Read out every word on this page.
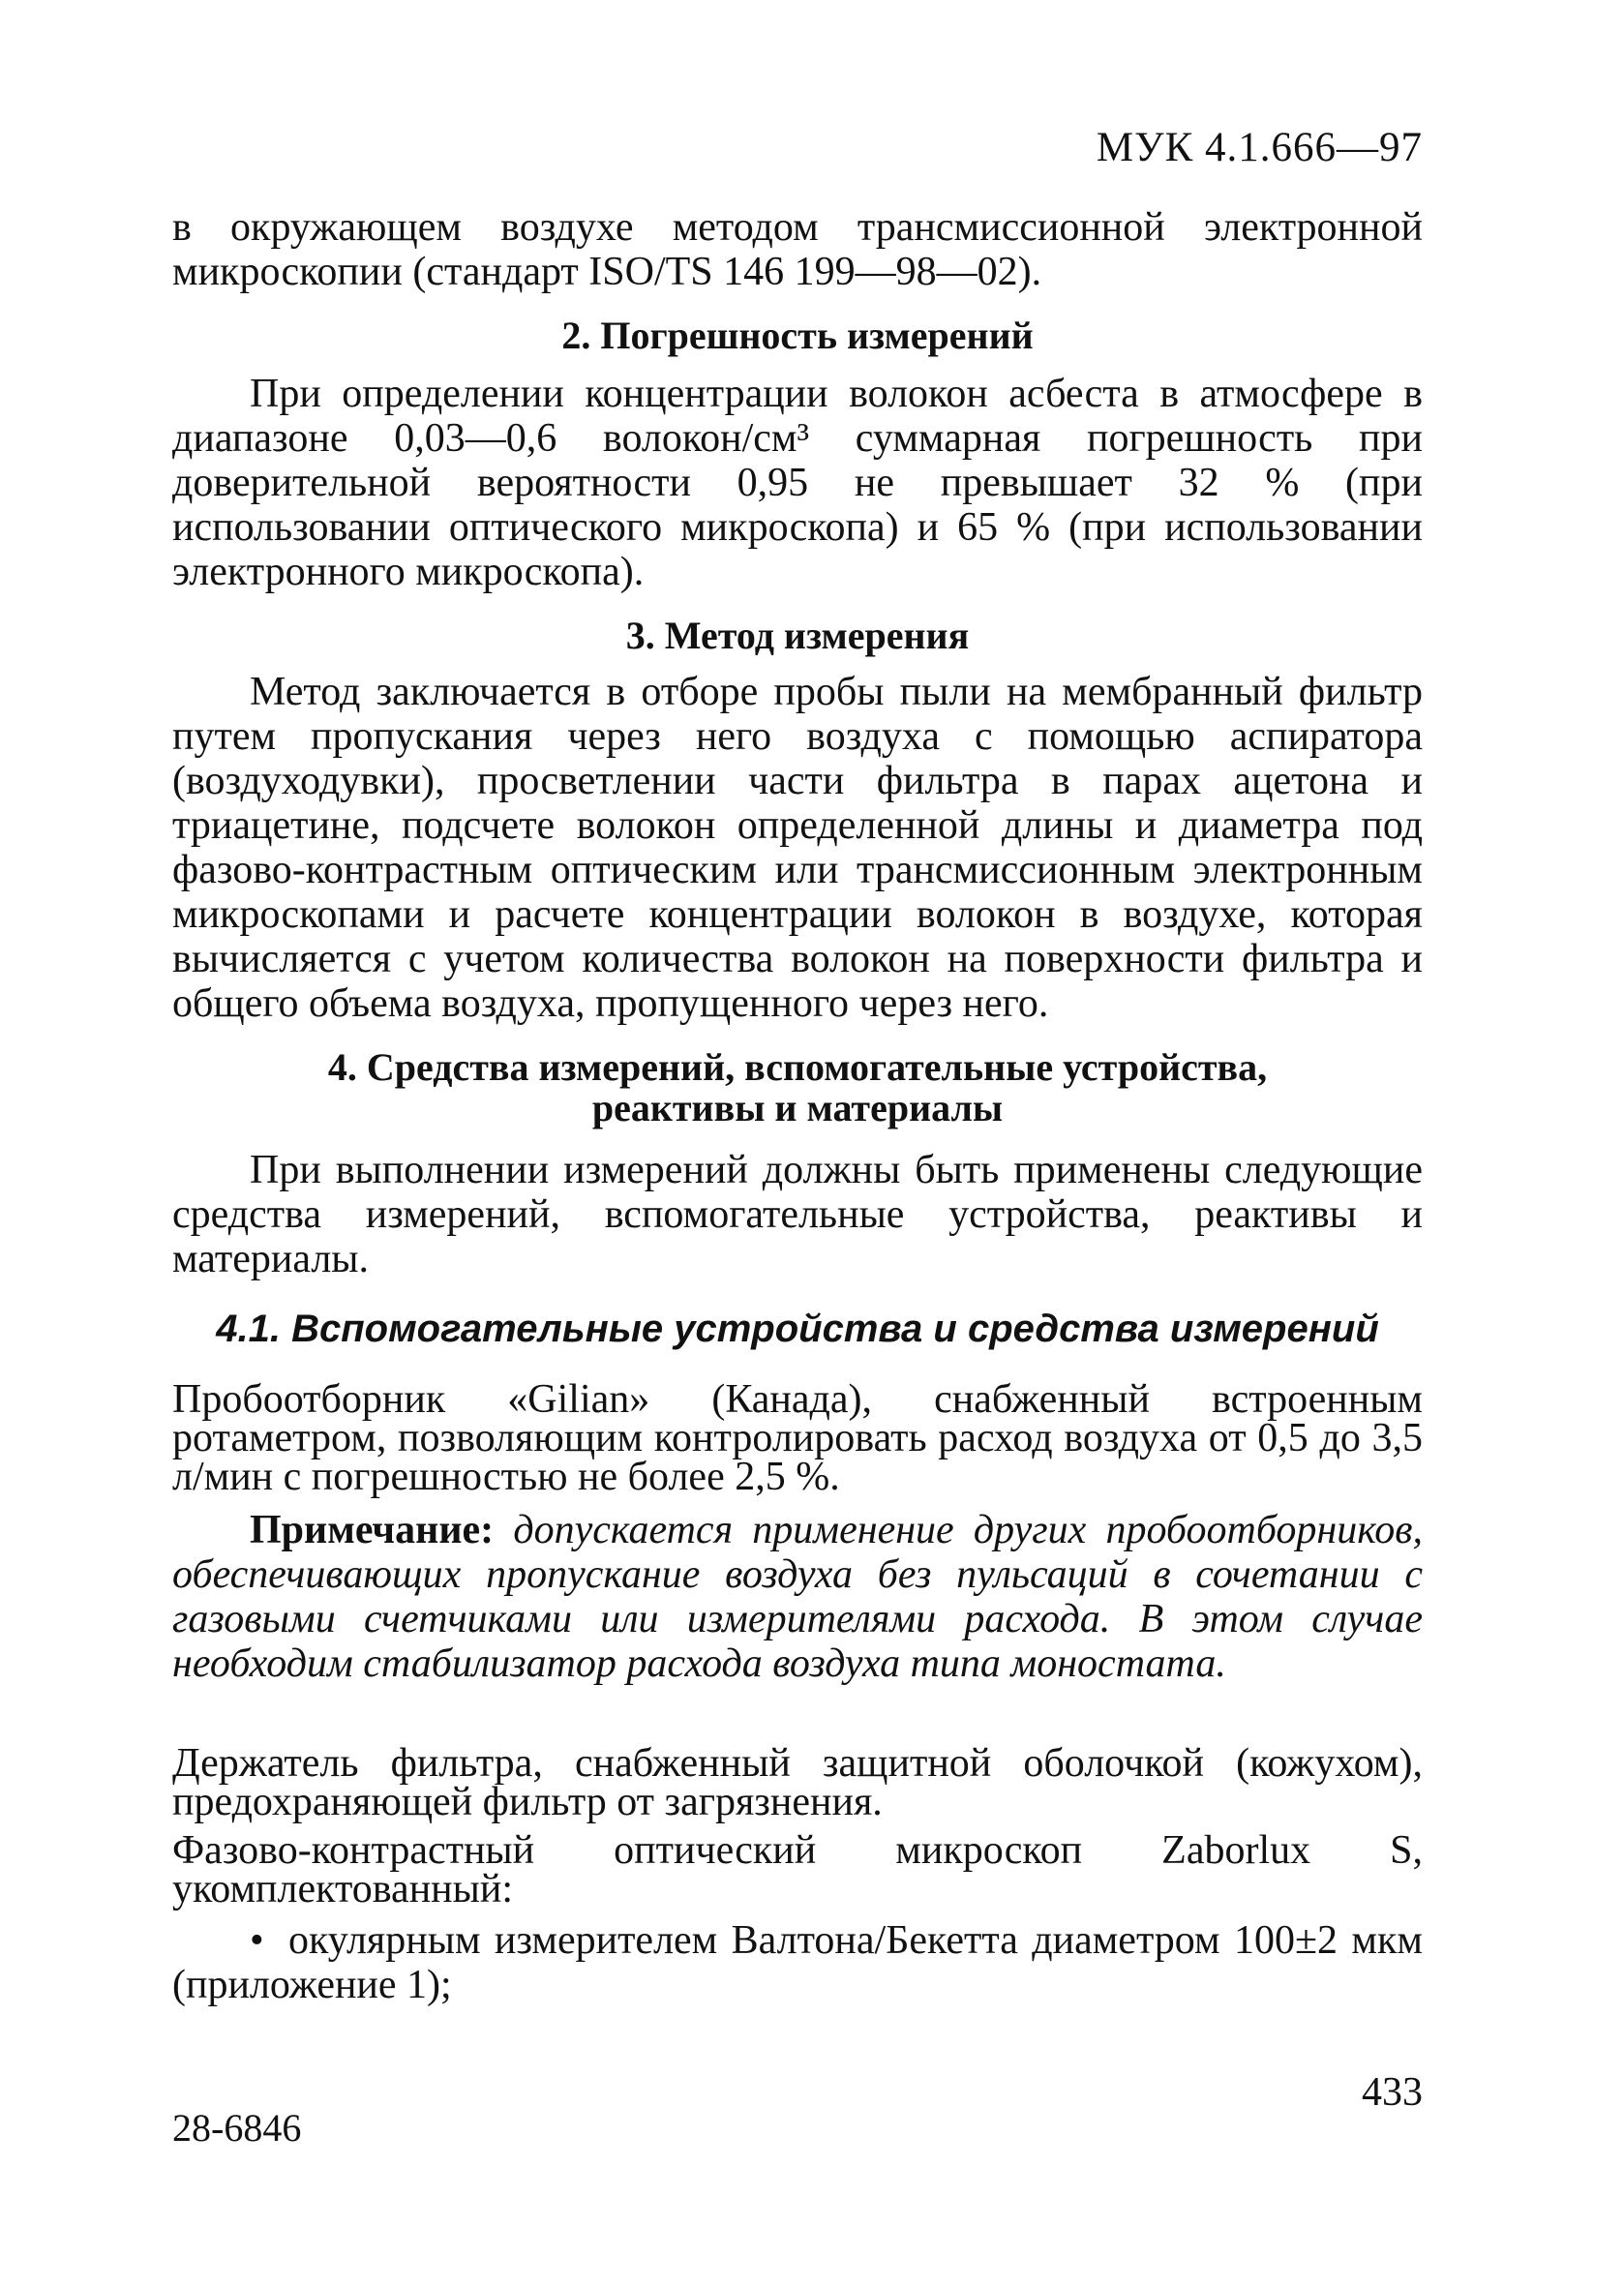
МУК 4.1.666—97

в окружающем воздухе методом трансмиссионной электронной микроскопии (стандарт ISO/TS 146 199—98—02).

2. Погрешность измерений

При определении концентрации волокон асбеста в атмосфере в диапазоне 0,03—0,6 волокон/см³ суммарная погрешность при доверительной вероятности 0,95 не превышает 32 % (при использовании оптического микроскопа) и 65 % (при использовании электронного микроскопа).

3. Метод измерения

Метод заключается в отборе пробы пыли на мембранный фильтр путем пропускания через него воздуха с помощью аспиратора (воздуходувки), просветлении части фильтра в парах ацетона и триацетине, подсчете волокон определенной длины и диаметра под фазово-контрастным оптическим или трансмиссионным электронным микроскопами и расчете концентрации волокон в воздухе, которая вычисляется с учетом количества волокон на поверхности фильтра и общего объема воздуха, пропущенного через него.

4. Средства измерений, вспомогательные устройства,
реактивы и материалы

При выполнении измерений должны быть применены следующие средства измерений, вспомогательные устройства, реактивы и материалы.

4.1. Вспомогательные устройства и средства измерений

Пробоотборник «Gilian» (Канада), снабженный встроенным ротаметром, позволяющим контролировать расход воздуха от 0,5 до 3,5 л/мин с погрешностью не более 2,5 %.

Примечание: допускается применение других пробоотборников, обеспечивающих пропускание воздуха без пульсаций в сочетании с газовыми счетчиками или измерителями расхода. В этом случае необходим стабилизатор расхода воздуха типа моностата.

Держатель фильтра, снабженный защитной оболочкой (кожухом), предохраняющей фильтр от загрязнения.

Фазово-контрастный оптический микроскоп Zaborlux S, укомплектованный:

• окулярным измерителем Валтона/Бекетта диаметром 100±2 мкм (приложение 1);

433
28-6846
